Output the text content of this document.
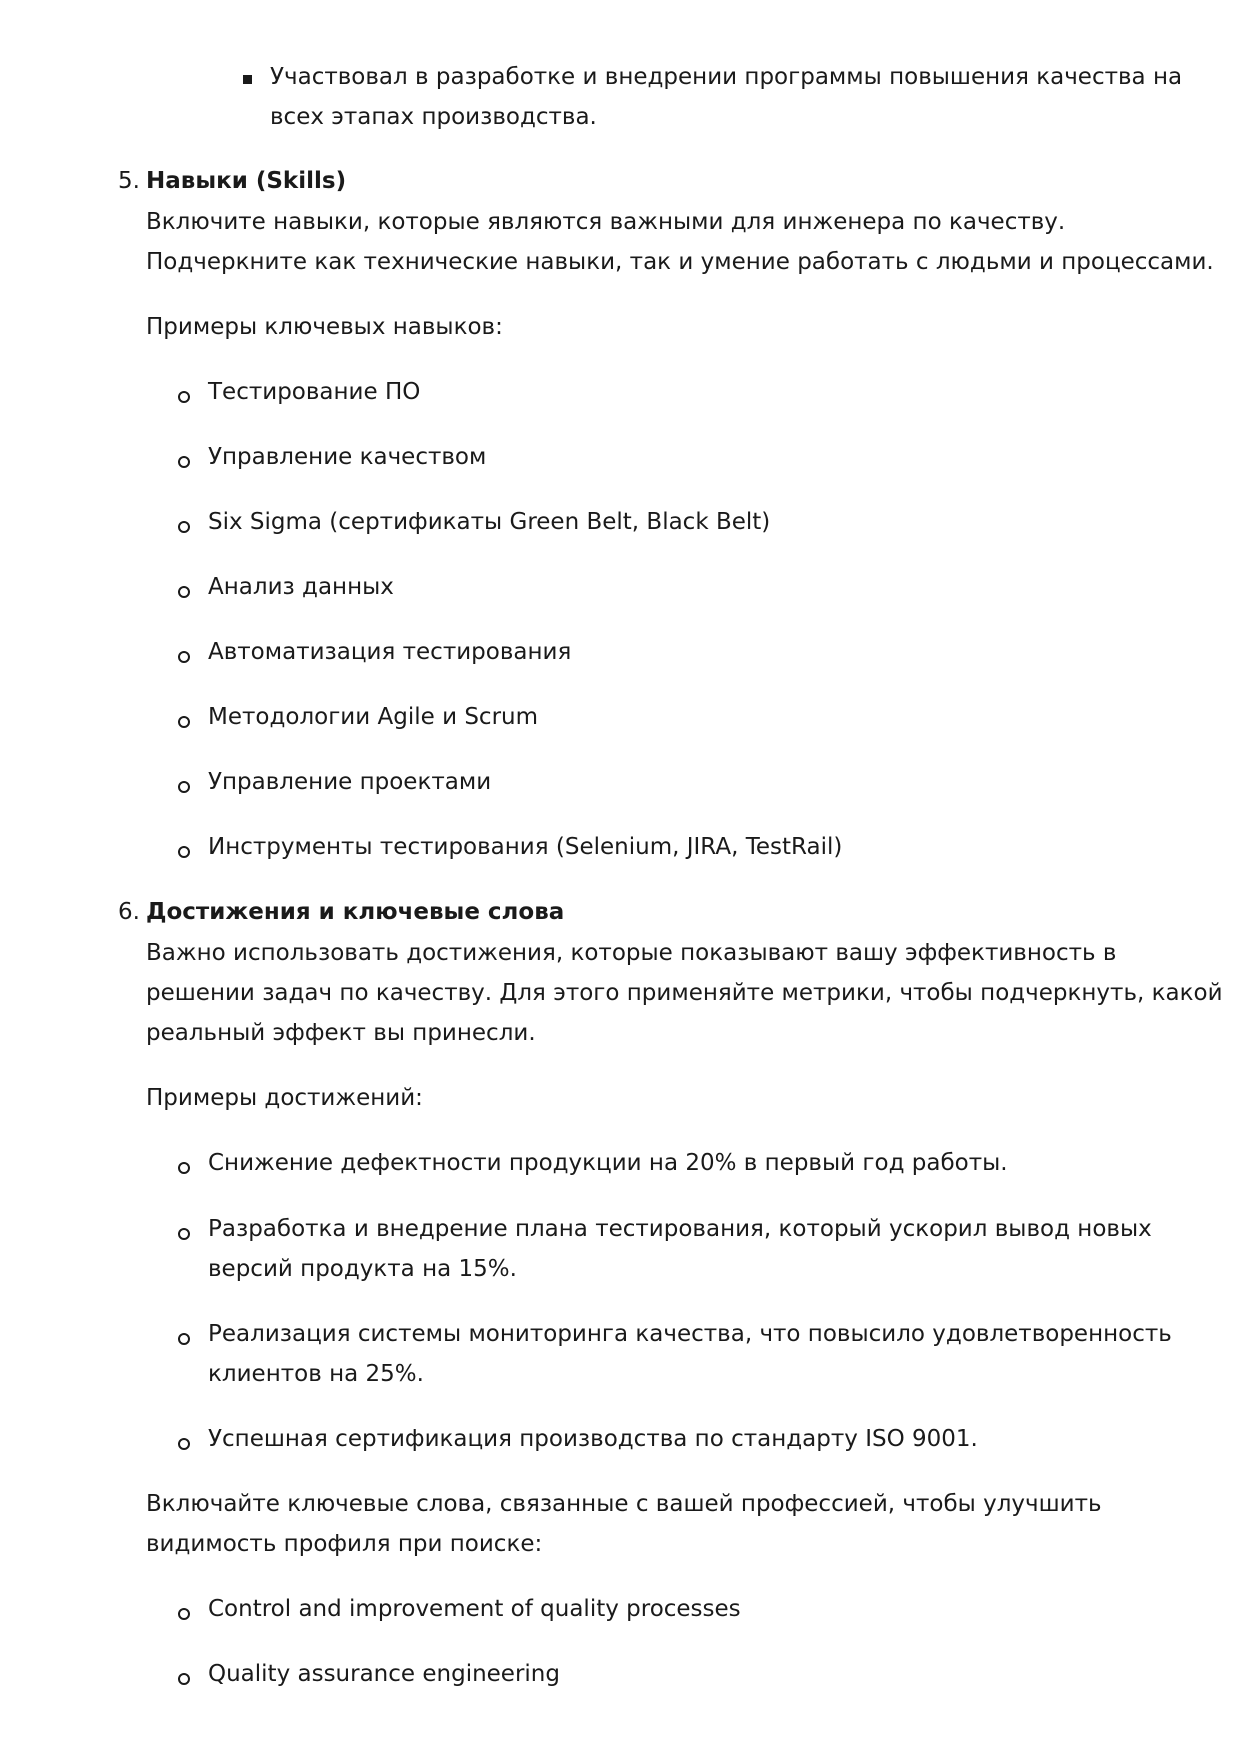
Участвовал в разработке и внедрении программы повышения качества на
всех этапах производства.
5. Навыки (Skills)
Включите навыки, которые являются важными для инженера по качеству.
Подчеркните как технические навыки, так и умение работать с людьми и процессами.
Примеры ключевых навыков:
Тестирование ПО
Управление качеством
Six Sigma (сертификаты Green Belt, Black Belt)
Анализ данных
Автоматизация тестирования
Методологии Agile и Scrum
Управление проектами
Инструменты тестирования (Selenium, JIRA, TestRail)
6. Достижения и ключевые слова
Важно использовать достижения, которые показывают вашу эффективность в
решении задач по качеству. Для этого применяйте метрики, чтобы подчеркнуть, какой
реальный эффект вы принесли.
Примеры достижений:
Снижение дефектности продукции на 20% в первый год работы.
Разработка и внедрение плана тестирования, который ускорил вывод новых
версий продукта на 15%.
Реализация системы мониторинга качества, что повысило удовлетворенность
клиентов на 25%.
Успешная сертификация производства по стандарту ISO 9001.
Включайте ключевые слова, связанные с вашей профессией, чтобы улучшить
видимость профиля при поиске:
Control and improvement of quality processes
Quality assurance engineering
